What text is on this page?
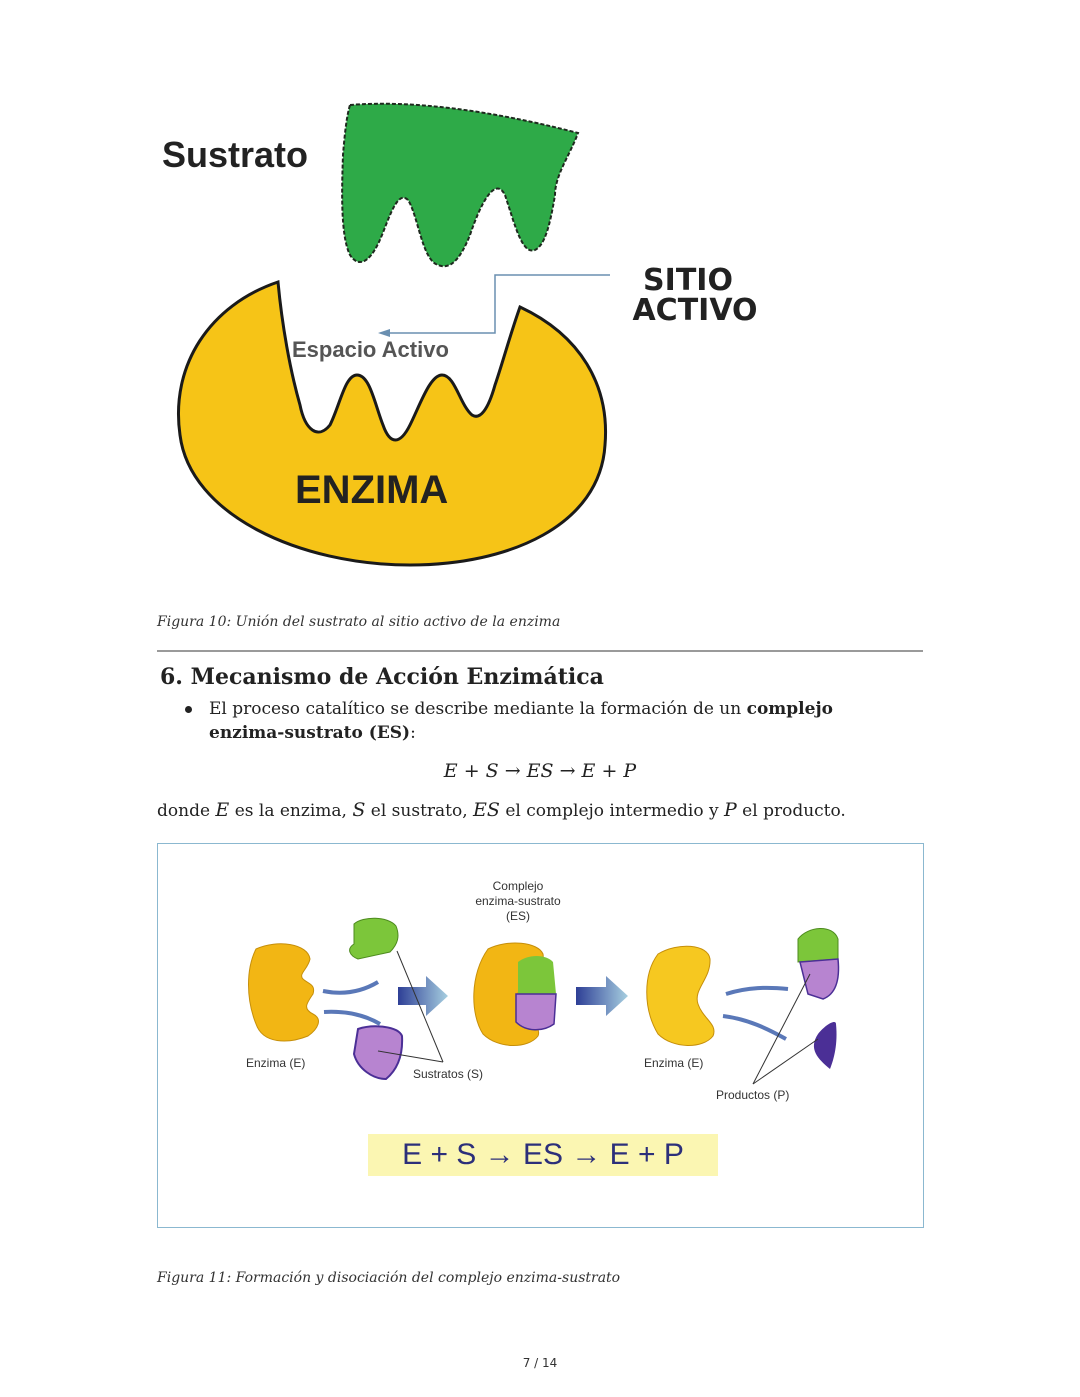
Sustrato
SITIO
ACTIVO
Espacio Activo
ENZIMA
Figura 10: Unión del sustrato al sitio activo de la enzima
6. Mecanismo de Acción Enzimática
El proceso catalítico se describe mediante la formación de un complejo enzima-sustrato (ES):
E + S → ES → E + P
donde E es la enzima, S el sustrato, ES el complejo intermedio y P el producto.
Complejo
enzima-sustrato
(ES)
Enzima (E)
Sustratos (S)
Enzima (E)
Productos (P)
E + S → ES → E + P
Figura 11: Formación y disociación del complejo enzima-sustrato
7 / 14
